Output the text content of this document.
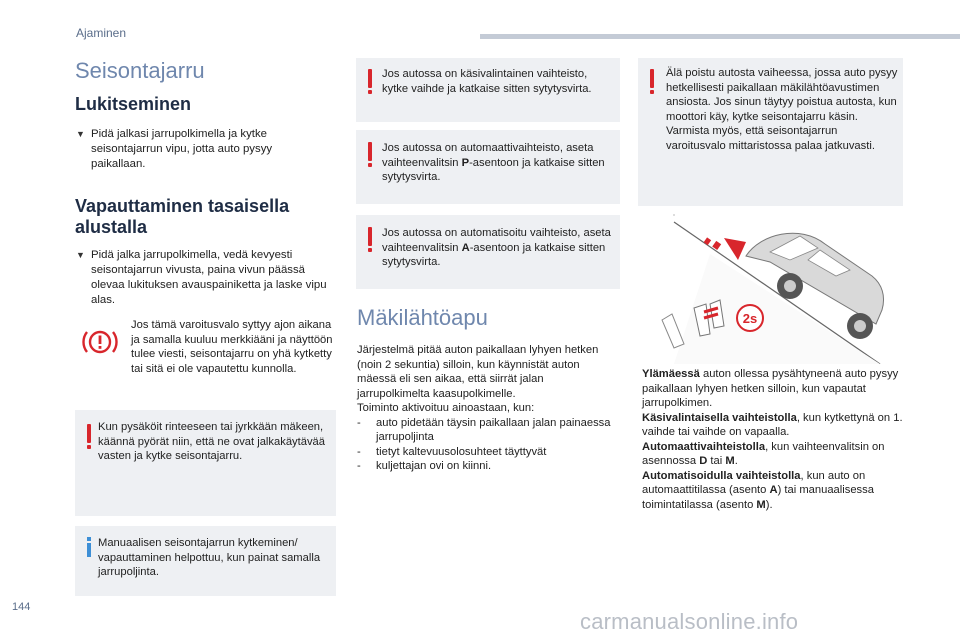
Ajaminen
Seisontajarru
Lukitseminen
▼ Pidä jalkasi jarrupolkimella ja kytke seisontajarrun vipu, jotta auto pysyy paikallaan.
Vapauttaminen tasaisella
alustalla
▼ Pidä jalka jarrupolkimella, vedä kevyesti seisontajarrun vivusta, paina vivun päässä olevaa lukituksen avauspainiketta ja laske vipu alas.
Jos tämä varoitusvalo syttyy ajon aikana ja samalla kuuluu merkkiääni ja näyttöön tulee viesti, seisontajarru on yhä kytketty tai sitä ei ole vapautettu kunnolla.
Kun pysäköit rinteeseen tai jyrkkään mäkeen, käännä pyörät niin, että ne ovat jalkakäytävää vasten ja kytke seisontajarru.
Manuaalisen seisontajarrun kytkeminen/ vapauttaminen helpottuu, kun painat samalla jarrupoljinta.
Jos autossa on käsivalintainen vaihteisto, kytke vaihde ja katkaise sitten sytytysvirta.
Jos autossa on automaattivaihteisto, aseta vaihteenvalitsin P-asentoon ja katkaise sitten sytytysvirta.
Jos autossa on automatisoitu vaihteisto, aseta vaihteenvalitsin A-asentoon ja katkaise sitten sytytysvirta.
Mäkilähtöapu
Järjestelmä pitää auton paikallaan lyhyen hetken (noin 2 sekuntia) silloin, kun käynnistät auton mäessä eli sen aikaa, että siirrät jalan jarrupolkimelta kaasupolkimelle.
Toiminto aktivoituu ainoastaan, kun:
- auto pidetään täysin paikallaan jalan painaessa jarrupoljinta
- tietyt kaltevuusolosuhteet täyttyvät
- kuljettajan ovi on kiinni.
Älä poistu autosta vaiheessa, jossa auto pysyy hetkellisesti paikallaan mäkilähtöavustimen ansiosta. Jos sinun täytyy poistua autosta, kun moottori käy, kytke seisontajarru käsin. Varmista myös, että seisontajarrun varoitusvalo mittaristossa palaa jatkuvasti.
2s
Ylämäessä auton ollessa pysähtyneenä auto pysyy paikallaan lyhyen hetken silloin, kun vapautat jarrupolkimen.
Käsivalintaisella vaihteistolla, kun kytkettynä on 1. vaihde tai vaihde on vapaalla.
Automaattivaihteistolla, kun vaihteenvalitsin on asennossa D tai M.
Automatisoidulla vaihteistolla, kun auto on automaattitilassa (asento A) tai manuaalisessa toimintatilassa (asento M).
144
carmanualsonline.info
